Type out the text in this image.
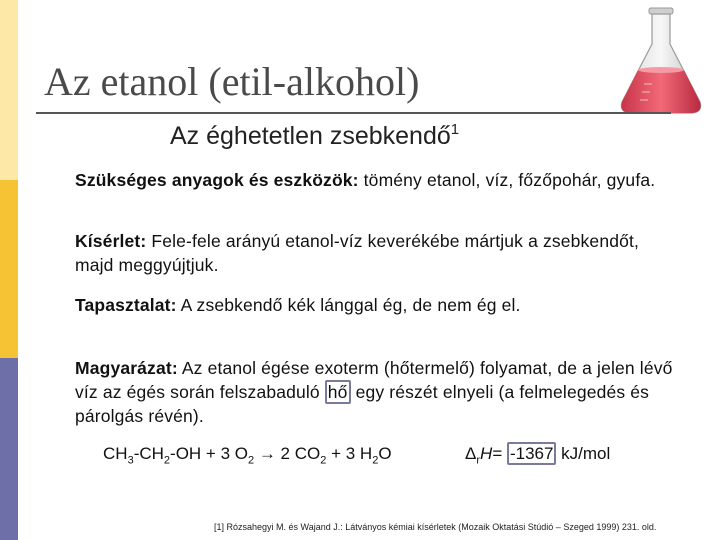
Az etanol (etil-alkohol)
Az éghetetlen zsebkendő$^1$
Szükséges anyagok és eszközök: tömény etanol, víz, főzőpohár, gyufa.
Kísérlet: Fele-fele arányú etanol-víz keverékébe mártjuk a zsebkendőt, majd meggyújtjuk.
Tapasztalat: A zsebkendő kék lánggal ég, de nem ég el.
Magyarázat: Az etanol égése exoterm (hőtermelő) folyamat, de a jelen lévő víz az égés során felszabaduló hő egy részét elnyeli (a felmelegedés és párolgás révén).
$CH_3-CH_2-OH + 3$ $O_2 \to 2$ $CO_2 + 3$ $H_2O$	$\Delta_rH= -1367$ kJ/mol
[1] Rózsahegyi M. és Wajand J.: Látványos kémiai kísérletek (Mozaik Oktatási Stúdió – Szeged 1999) 231. old.
